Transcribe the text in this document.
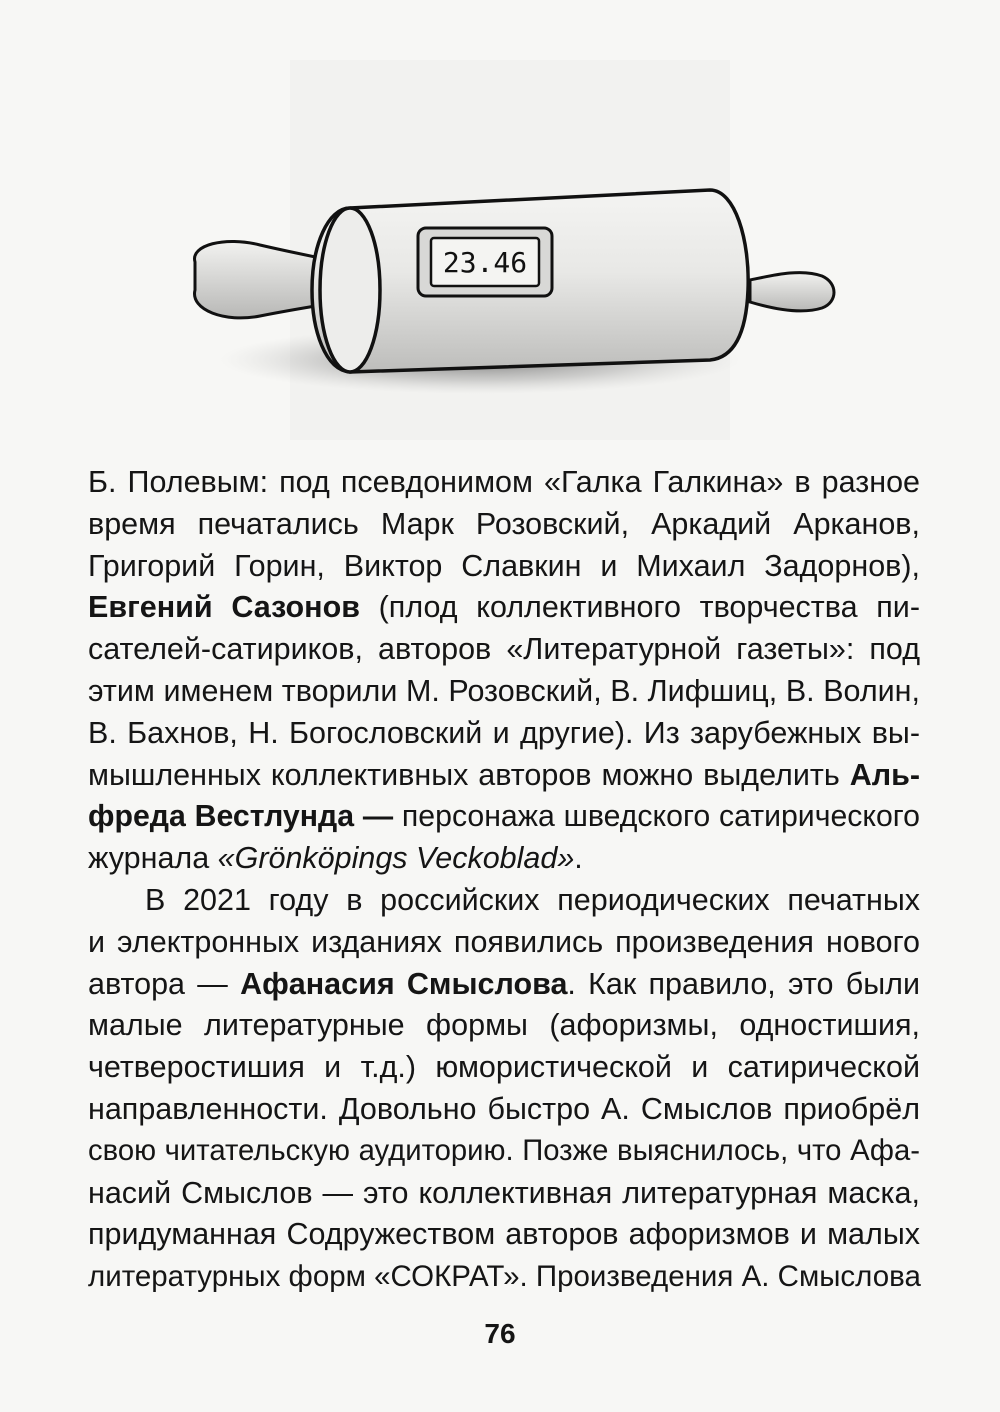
23.46
Б. Полевым: под псевдонимом «Галка Галкина» в разное
время печатались Марк Розовский, Аркадий Арканов,
Григорий Горин, Виктор Славкин и Михаил Задорнов),
Евгений Сазонов (плод коллективного творчества пи-
сателей-сатириков, авторов «Литературной газеты»: под
этим именем творили М. Розовский, В. Лифшиц, В. Волин,
В. Бахнов, Н. Богословский и другие). Из зарубежных вы-
мышленных коллективных авторов можно выделить Аль-
фреда Вестлунда — персонажа шведского сатирического
журнала «Grönköpings Veckoblad».
В 2021 году в российских периодических печатных
и электронных изданиях появились произведения нового
автора — Афанасия Смыслова. Как правило, это были
малые литературные формы (афоризмы, одностишия,
четверостишия и т.д.) юмористической и сатирической
направленности. Довольно быстро А. Смыслов приобрёл
свою читательскую аудиторию. Позже выяснилось, что Афа-
насий Смыслов — это коллективная литературная маска,
придуманная Содружеством авторов афоризмов и малых
литературных форм «СОКРАТ». Произведения А. Смыслова
76
